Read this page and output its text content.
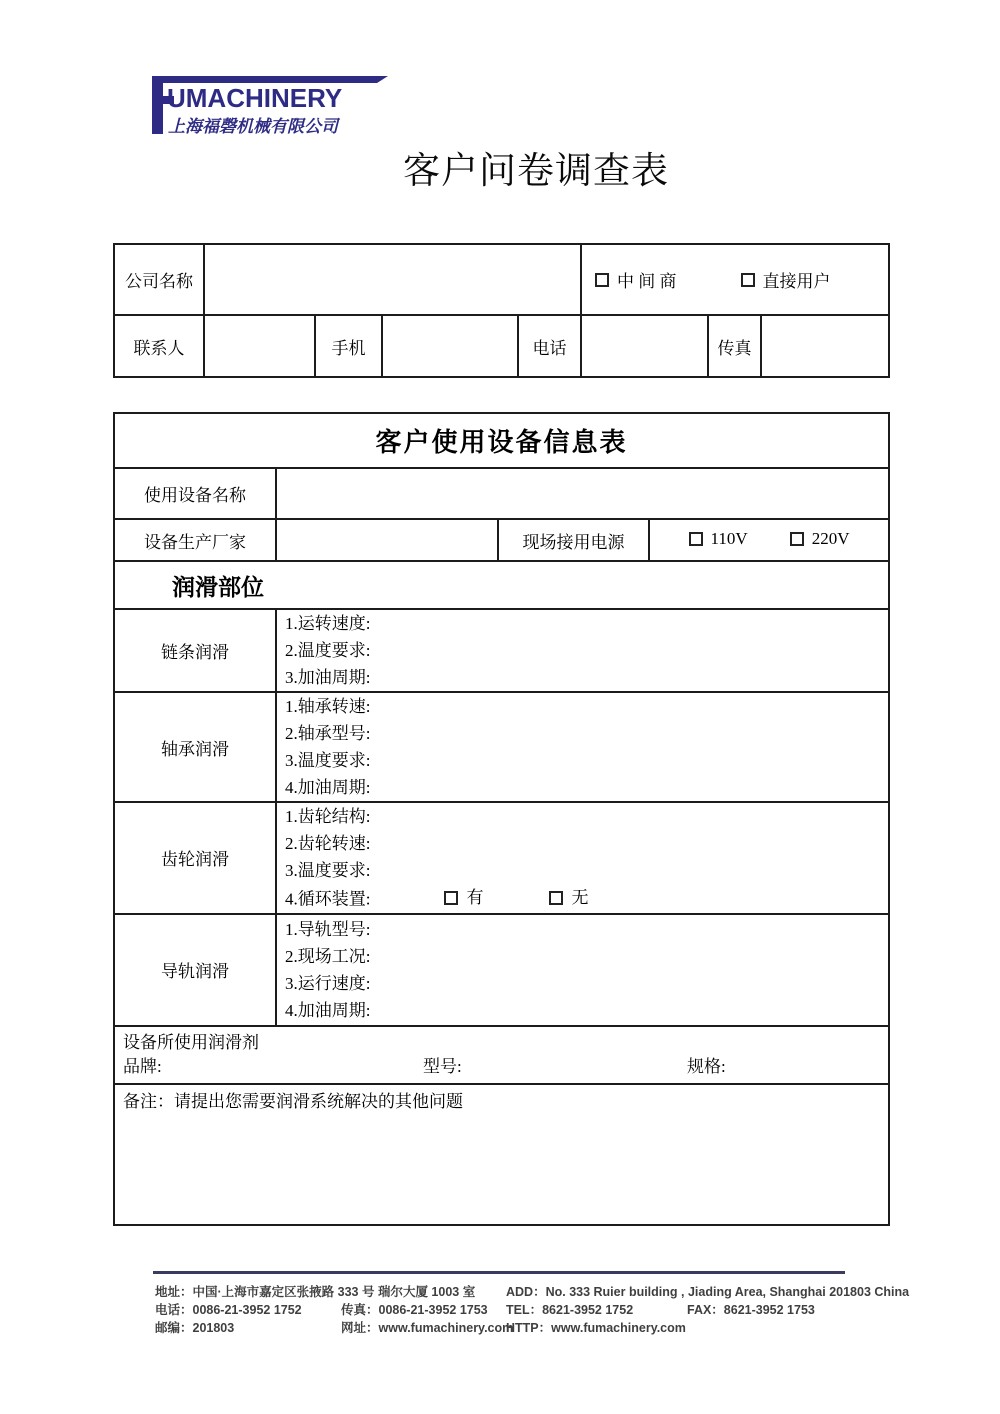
UMACHINERY
上海福磬机械有限公司
客户问卷调查表
公司名称					中 间 商 直接用户		

联系人		手机		电话		传真	
客户使用设备信息表			
使用设备名称			
设备生产厂家		现场接用电源	110V 220V

润滑部位			
链条润滑	1.运转速度:
2.温度要求:
3.加油周期:		

轴承润滑	1.轴承转速:
2.轴承型号:
3.温度要求:
4.加油周期:		

齿轮润滑	
1.齿轮结构:
2.齿轮转速:
3.温度要求:
4.循环装置:	有	无

导轨润滑	1.导轨型号:
2.现场工况:
3.运行速度:
4.加油周期:		

设备所使用润滑剂
品牌: 型号: 规格:			

备注：请提出您需要润滑系统解决的其他问题			
地址：中国·上海市嘉定区张掖路 333 号 瑞尔大厦 1003 室
电话：0086-21-3952 1752	传真：0086-21-3952 1753
邮编：201803	网址：www.fumachinery.com
ADD：No. 333 Ruier building , Jiading Area, Shanghai 201803 China
TEL：8621-3952 1752	FAX：8621-3952 1753
HTTP：www.fumachinery.com
